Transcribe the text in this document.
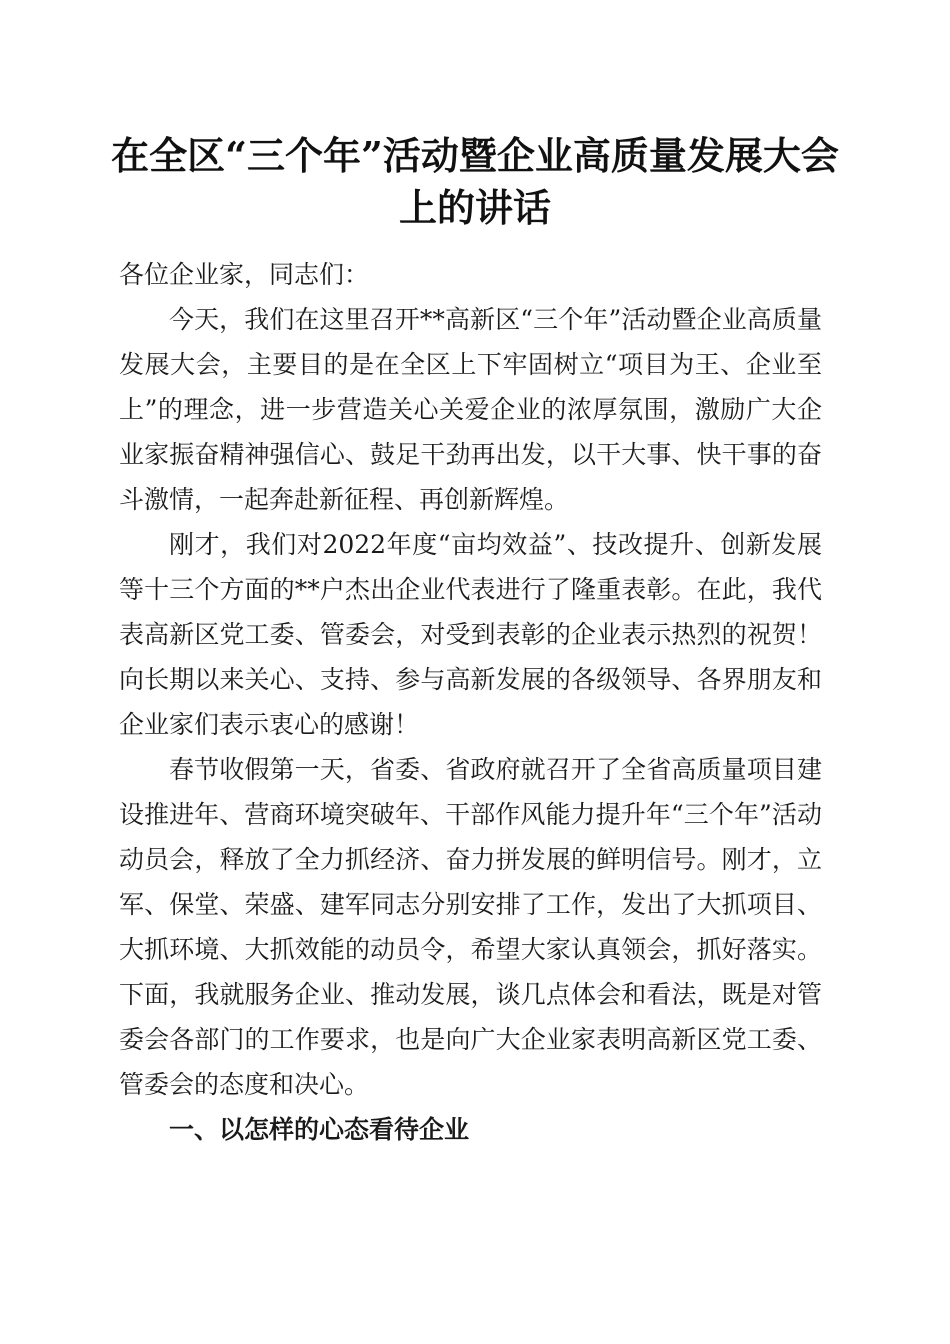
在全区“三个年”活动暨企业高质量发展大会上的讲话

各位企业家，同志们：

今天，我们在这里召开**高新区“三个年”活动暨企业高质量发展大会，主要目的是在全区上下牢固树立“项目为王、企业至上”的理念，进一步营造关心关爱企业的浓厚氛围，激励广大企业家振奋精神强信心、鼓足干劲再出发，以干大事、快干事的奋斗激情，一起奔赴新征程、再创新辉煌。

刚才，我们对2022年度“亩均效益”、技改提升、创新发展等十三个方面的**户杰出企业代表进行了隆重表彰。在此，我代表高新区党工委、管委会，对受到表彰的企业表示热烈的祝贺！向长期以来关心、支持、参与高新发展的各级领导、各界朋友和企业家们表示衷心的感谢！

春节收假第一天，省委、省政府就召开了全省高质量项目建设推进年、营商环境突破年、干部作风能力提升年“三个年”活动动员会，释放了全力抓经济、奋力拼发展的鲜明信号。刚才，立军、保堂、荣盛、建军同志分别安排了工作，发出了大抓项目、大抓环境、大抓效能的动员令，希望大家认真领会，抓好落实。下面，我就服务企业、推动发展，谈几点体会和看法，既是对管委会各部门的工作要求，也是向广大企业家表明高新区党工委、管委会的态度和决心。

一、以怎样的心态看待企业
